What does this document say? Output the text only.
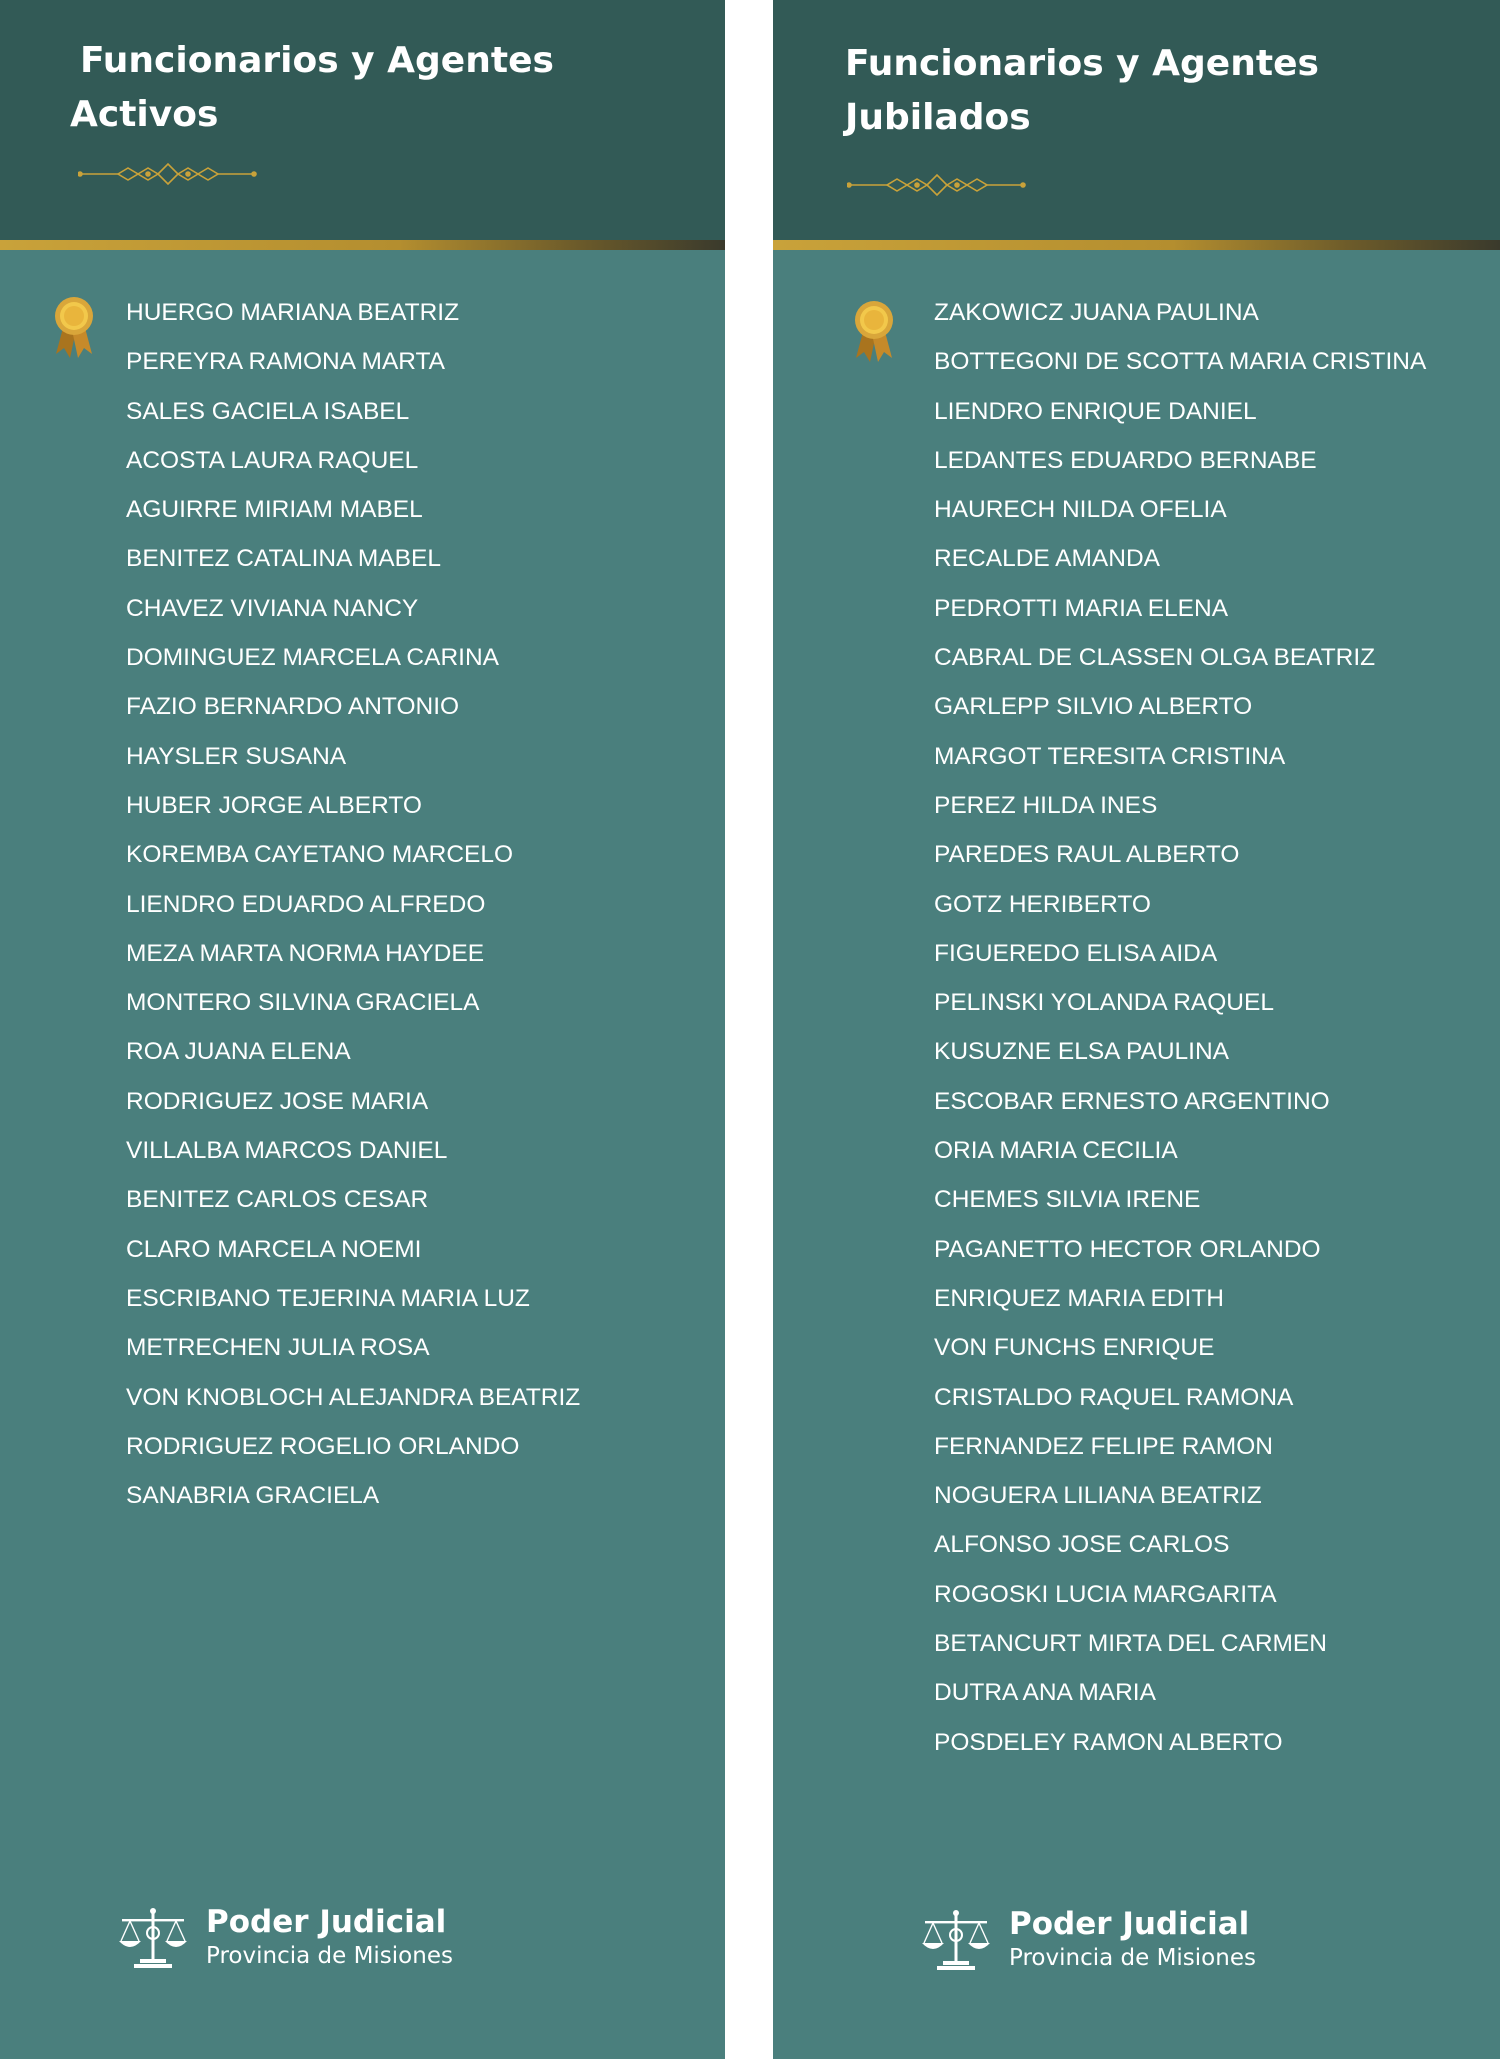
Funcionarios y Agentes
Activos
HUERGO MARIANA BEATRIZ
PEREYRA RAMONA MARTA
SALES GACIELA ISABEL
ACOSTA LAURA RAQUEL
AGUIRRE MIRIAM MABEL
BENITEZ CATALINA MABEL
CHAVEZ VIVIANA NANCY
DOMINGUEZ MARCELA CARINA
FAZIO BERNARDO ANTONIO
HAYSLER SUSANA
HUBER JORGE ALBERTO
KOREMBA CAYETANO MARCELO
LIENDRO EDUARDO ALFREDO
MEZA MARTA NORMA HAYDEE
MONTERO SILVINA GRACIELA
ROA JUANA ELENA
RODRIGUEZ JOSE MARIA
VILLALBA MARCOS DANIEL
BENITEZ CARLOS CESAR
CLARO MARCELA NOEMI
ESCRIBANO TEJERINA MARIA LUZ
METRECHEN JULIA ROSA
VON KNOBLOCH ALEJANDRA BEATRIZ
RODRIGUEZ ROGELIO ORLANDO
SANABRIA GRACIELA
Poder Judicial
Provincia de Misiones
Funcionarios y Agentes
Jubilados
ZAKOWICZ JUANA PAULINA
BOTTEGONI DE SCOTTA MARIA CRISTINA
LIENDRO ENRIQUE DANIEL
LEDANTES EDUARDO BERNABE
HAURECH NILDA OFELIA
RECALDE AMANDA
PEDROTTI MARIA ELENA
CABRAL DE CLASSEN OLGA BEATRIZ
GARLEPP SILVIO ALBERTO
MARGOT TERESITA CRISTINA
PEREZ HILDA INES
PAREDES RAUL ALBERTO
GOTZ HERIBERTO
FIGUEREDO ELISA AIDA
PELINSKI YOLANDA RAQUEL
KUSUZNE ELSA PAULINA
ESCOBAR ERNESTO ARGENTINO
ORIA MARIA CECILIA
CHEMES SILVIA IRENE
PAGANETTO HECTOR ORLANDO
ENRIQUEZ MARIA EDITH
VON FUNCHS ENRIQUE
CRISTALDO RAQUEL RAMONA
FERNANDEZ FELIPE RAMON
NOGUERA LILIANA BEATRIZ
ALFONSO JOSE CARLOS
ROGOSKI LUCIA MARGARITA
BETANCURT MIRTA DEL CARMEN
DUTRA ANA MARIA
POSDELEY RAMON ALBERTO
Poder Judicial
Provincia de Misiones
